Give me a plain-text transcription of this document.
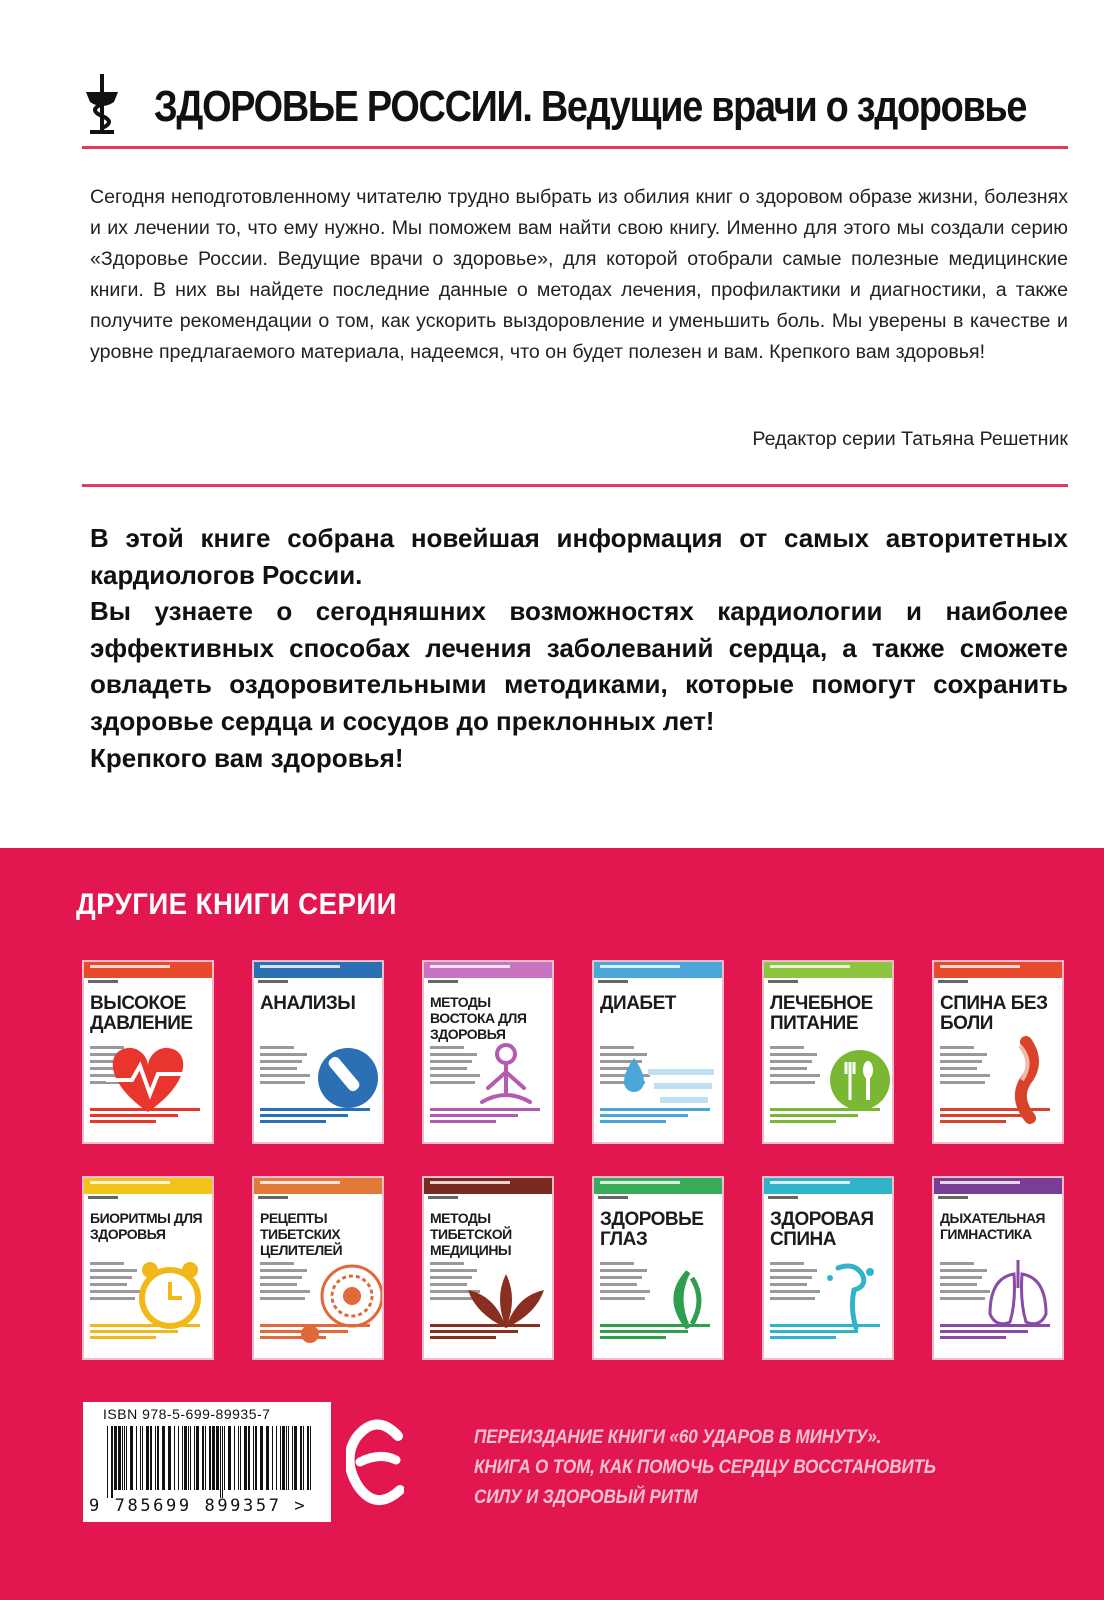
ЗДОРОВЬЕ РОССИИ. Ведущие врачи о здоровье
Сегодня неподготовленному читателю трудно выбрать из обилия книг о здоровом образе жизни, болезнях и их лечении то, что ему нужно. Мы поможем вам найти свою книгу. Именно для этого мы создали серию «Здоровье России. Ведущие врачи о здоровье», для которой отобрали самые полезные медицинские книги. В них вы найдете последние данные о методах лечения, профилактики и диагностики, а также получите рекомендации о том, как ускорить выздоровление и уменьшить боль. Мы уверены в качестве и уровне предлагаемого материала, надеемся, что он будет полезен и вам. Крепкого вам здоровья!
Редактор серии Татьяна Решетник

В этой книге собрана новейшая информация от самых авторитетных кардиологов России.

Вы узнаете о сегодняшних возможностях кардиологии и наиболее эффективных способах лечения заболеваний сердца, а также сможете овладеть оздоровительными методиками, которые помогут сохранить здоровье сердца и сосудов до преклонных лет!

Крепкого вам здоровья!

ДРУГИЕ КНИГИ СЕРИИ
ВЫСОКОЕ ДАВЛЕНИЕ
АНАЛИЗЫ	МЕТОДЫ ВОСТОКА ДЛЯ ЗДОРОВЬЯ
ДИАБЕТ	ЛЕЧЕБНОЕ ПИТАНИЕ
СПИНА БЕЗ БОЛИ
БИОРИТМЫ ДЛЯ ЗДОРОВЬЯ
РЕЦЕПТЫ ТИБЕТСКИХ ЦЕЛИТЕЛЕЙ
МЕТОДЫ ТИБЕТСКОЙ МЕДИЦИНЫ
ЗДОРОВЬЕ ГЛАЗ
ЗДОРОВАЯ СПИНА
ДЫХАТЕЛЬНАЯ ГИМНАСТИКА
ISBN 978-5-699-89935-7
9 785699 899357 >

ПЕРЕИЗДАНИЕ КНИГИ «60 УДАРОВ В МИНУТУ».

КНИГА О ТОМ, КАК ПОМОЧЬ СЕРДЦУ ВОССТАНОВИТЬ

СИЛУ И ЗДОРОВЫЙ РИТМ
